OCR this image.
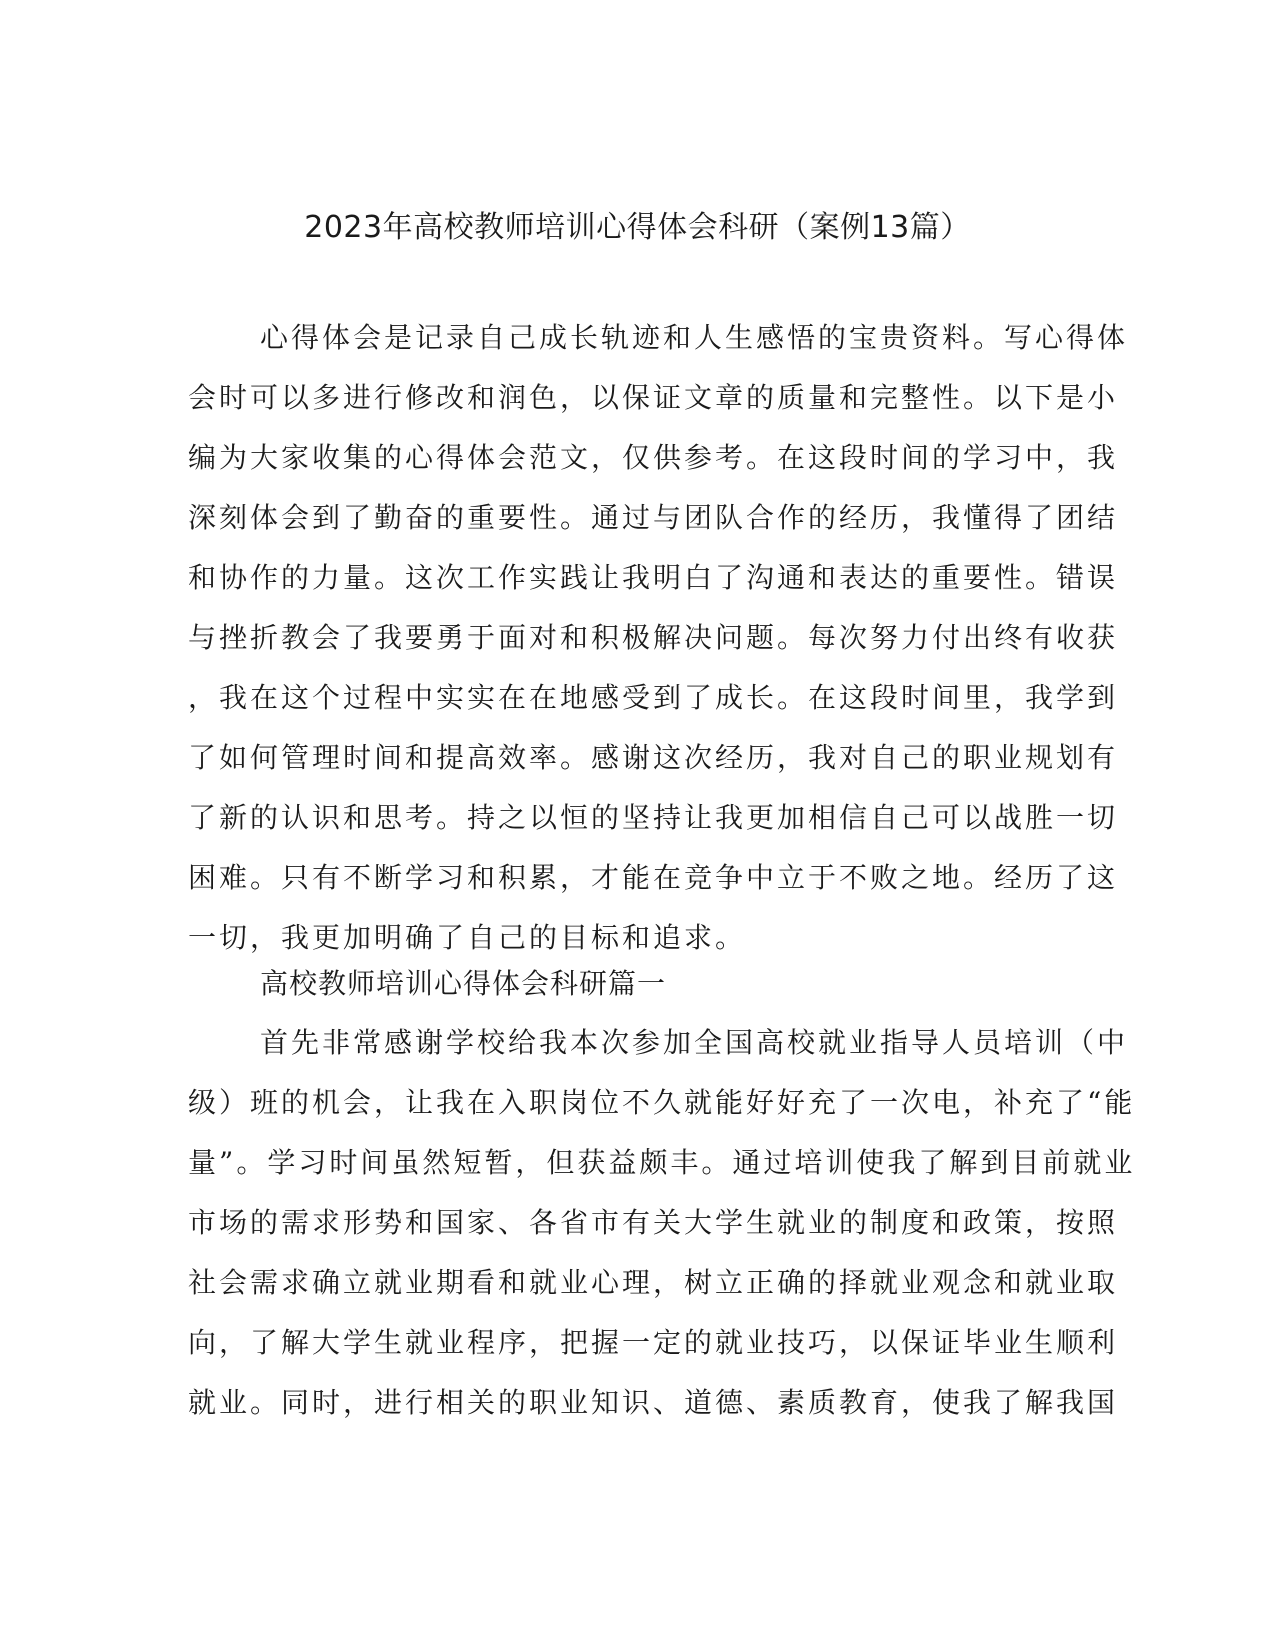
2023年高校教师培训心得体会科研（案例13篇）
心得体会是记录自己成长轨迹和人生感悟的宝贵资料。写心得体
会时可以多进行修改和润色，以保证文章的质量和完整性。以下是小
编为大家收集的心得体会范文，仅供参考。在这段时间的学习中，我
深刻体会到了勤奋的重要性。通过与团队合作的经历，我懂得了团结
和协作的力量。这次工作实践让我明白了沟通和表达的重要性。错误
与挫折教会了我要勇于面对和积极解决问题。每次努力付出终有收获
，我在这个过程中实实在在地感受到了成长。在这段时间里，我学到
了如何管理时间和提高效率。感谢这次经历，我对自己的职业规划有
了新的认识和思考。持之以恒的坚持让我更加相信自己可以战胜一切
困难。只有不断学习和积累，才能在竞争中立于不败之地。经历了这
一切，我更加明确了自己的目标和追求。
高校教师培训心得体会科研篇一
首先非常感谢学校给我本次参加全国高校就业指导人员培训（中
级）班的机会，让我在入职岗位不久就能好好充了一次电，补充了“能
量”。学习时间虽然短暂，但获益颇丰。通过培训使我了解到目前就业
市场的需求形势和国家、各省市有关大学生就业的制度和政策，按照
社会需求确立就业期看和就业心理，树立正确的择就业观念和就业取
向，了解大学生就业程序，把握一定的就业技巧，以保证毕业生顺利
就业。同时，进行相关的职业知识、道德、素质教育，使我了解我国
